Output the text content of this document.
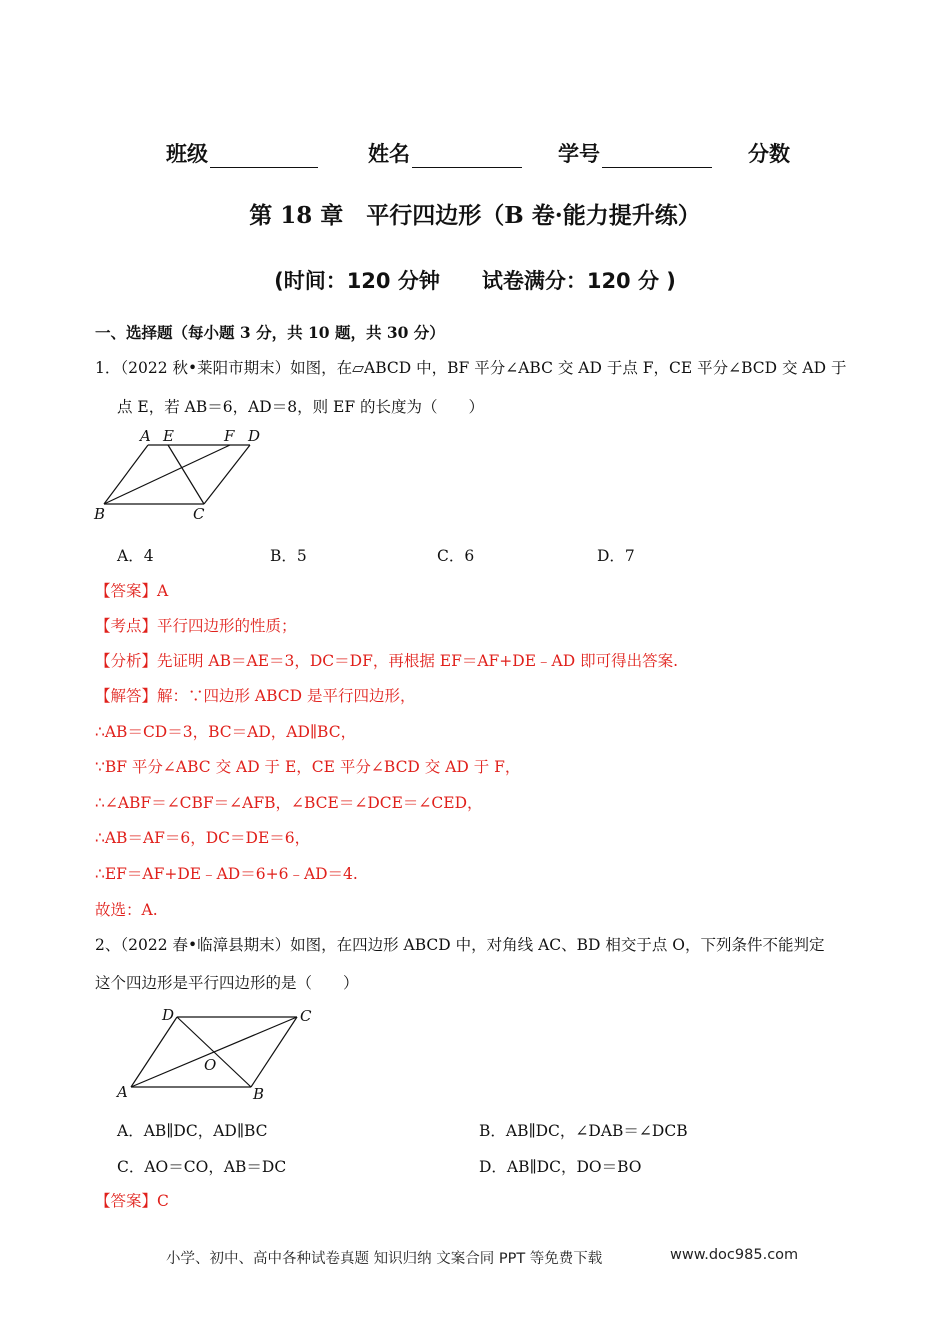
班级	姓名	学号	分数
第 18 章　平行四边形（B 卷·能力提升练）
(时间：120 分钟　　试卷满分：120 分 )
一、选择题（每小题 3 分，共 10 题，共 30 分）
1．（2022 秋•莱阳市期末）如图，在▱ABCD 中，BF 平分∠ABC 交 AD 于点 F，CE 平分∠BCD 交 AD 于
点 E，若 AB＝6，AD＝8，则 EF 的长度为（　　）
A E	F D
B	C
A．4	B．5	C．6	D．7
【答案】A
【考点】平行四边形的性质；
【分析】先证明 AB＝AE＝3，DC＝DF，再根据 EF＝AF+DE﹣AD 即可得出答案.
【解答】解：∵四边形 ABCD 是平行四边形，
∴AB＝CD＝3，BC＝AD，AD∥BC，
∵BF 平分∠ABC 交 AD 于 E，CE 平分∠BCD 交 AD 于 F，
∴∠ABF＝∠CBF＝∠AFB，∠BCE＝∠DCE＝∠CED，
∴AB＝AF＝6，DC＝DE＝6，
∴EF＝AF+DE﹣AD＝6+6﹣AD＝4.
故选：A.
2、（2022 春•临漳县期末）如图，在四边形 ABCD 中，对角线 AC、BD 相交于点 O，下列条件不能判定
这个四边形是平行四边形的是（　　）
D	C
O
A	B
A．AB∥DC，AD∥BC	B．AB∥DC，∠DAB＝∠DCB
C．AO＝CO，AB＝DC	D．AB∥DC，DO＝BO
【答案】C
小学、初中、高中各种试卷真题 知识归纳 文案合同 PPT 等免费下载	www.doc985.com
